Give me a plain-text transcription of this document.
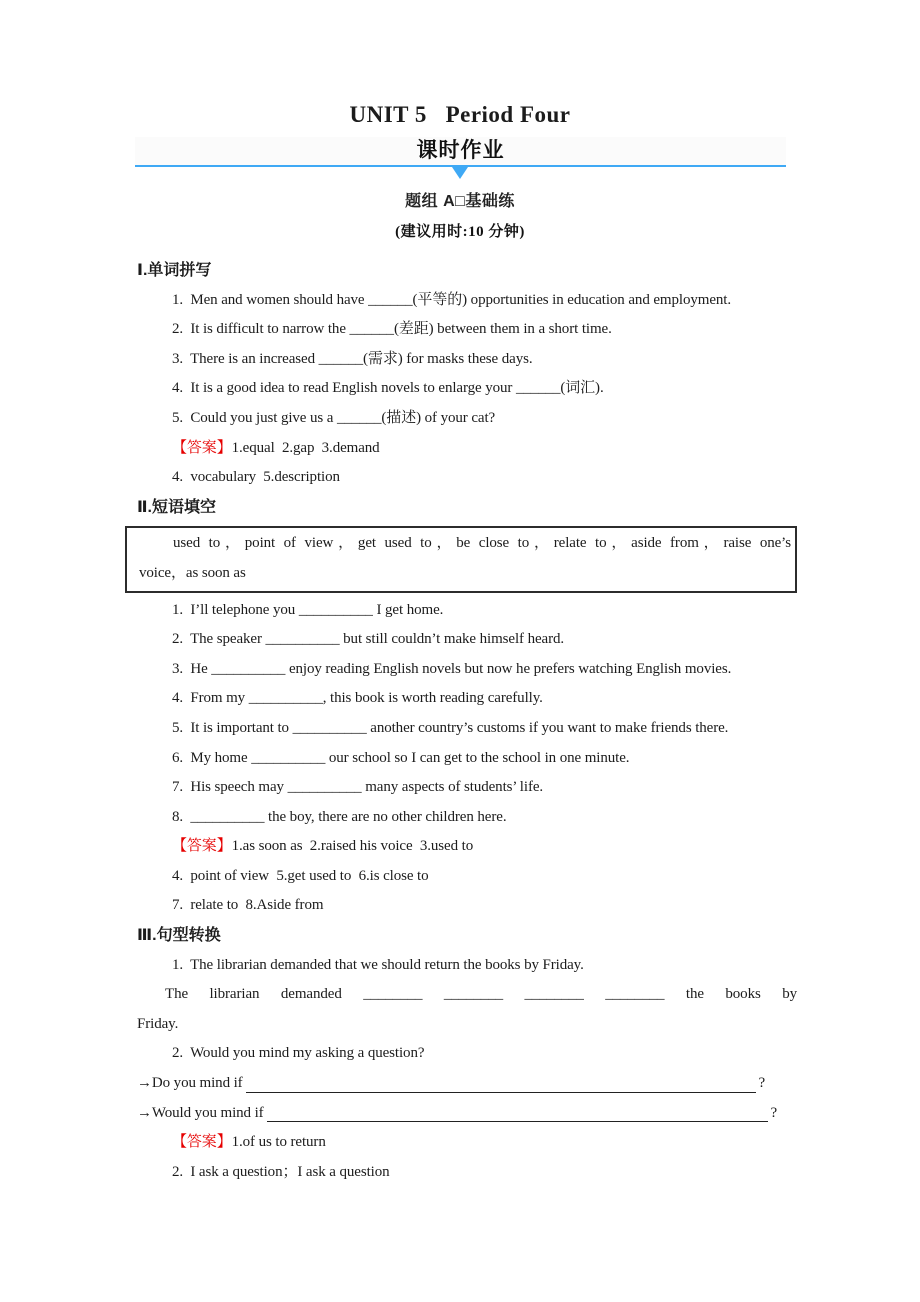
UNIT 5   Period Four
课时作业
题组 A□基础练
(建议用时:10 分钟)

Ⅰ.单词拼写

1.  Men and women should have ______(平等的) opportunities in education and employment.

2.  It is difficult to narrow the ______(差距) between them in a short time.

3.  There is an increased ______(需求) for masks these days.

4.  It is a good idea to read English novels to enlarge your ______(词汇).

5.  Could you just give us a ______(描述) of your cat?

【答案】1.equal  2.gap  3.demand

4.  vocabulary  5.description

Ⅱ.短语填空

used to，point of view，get used to，be close to，relate to，aside from，raise one’s
voice，as soon as

1.  I’ll telephone you __________ I get home.

2.  The speaker __________ but still couldn’t make himself heard.

3.  He __________ enjoy reading English novels but now he prefers watching English movies.

4.  From my __________, this book is worth reading carefully.

5.  It is important to __________ another country’s customs if you want to make friends there.

6.  My home __________ our school so I can get to the school in one minute.

7.  His speech may __________ many aspects of students’ life.

8.  __________ the boy, there are no other children here.

【答案】1.as soon as  2.raised his voice  3.used to

4.  point of view  5.get used to  6.is close to

7.  relate to  8.Aside from

Ⅲ.句型转换

1.  The librarian demanded that we should return the books by Friday.

The librarian demanded ________ ________ ________ ________ the books by

Friday.

2.  Would you mind my asking a question?

→Do you mind if	?

→Would you mind if	?

【答案】1.of us to return

2.  I ask a question；I ask a question
